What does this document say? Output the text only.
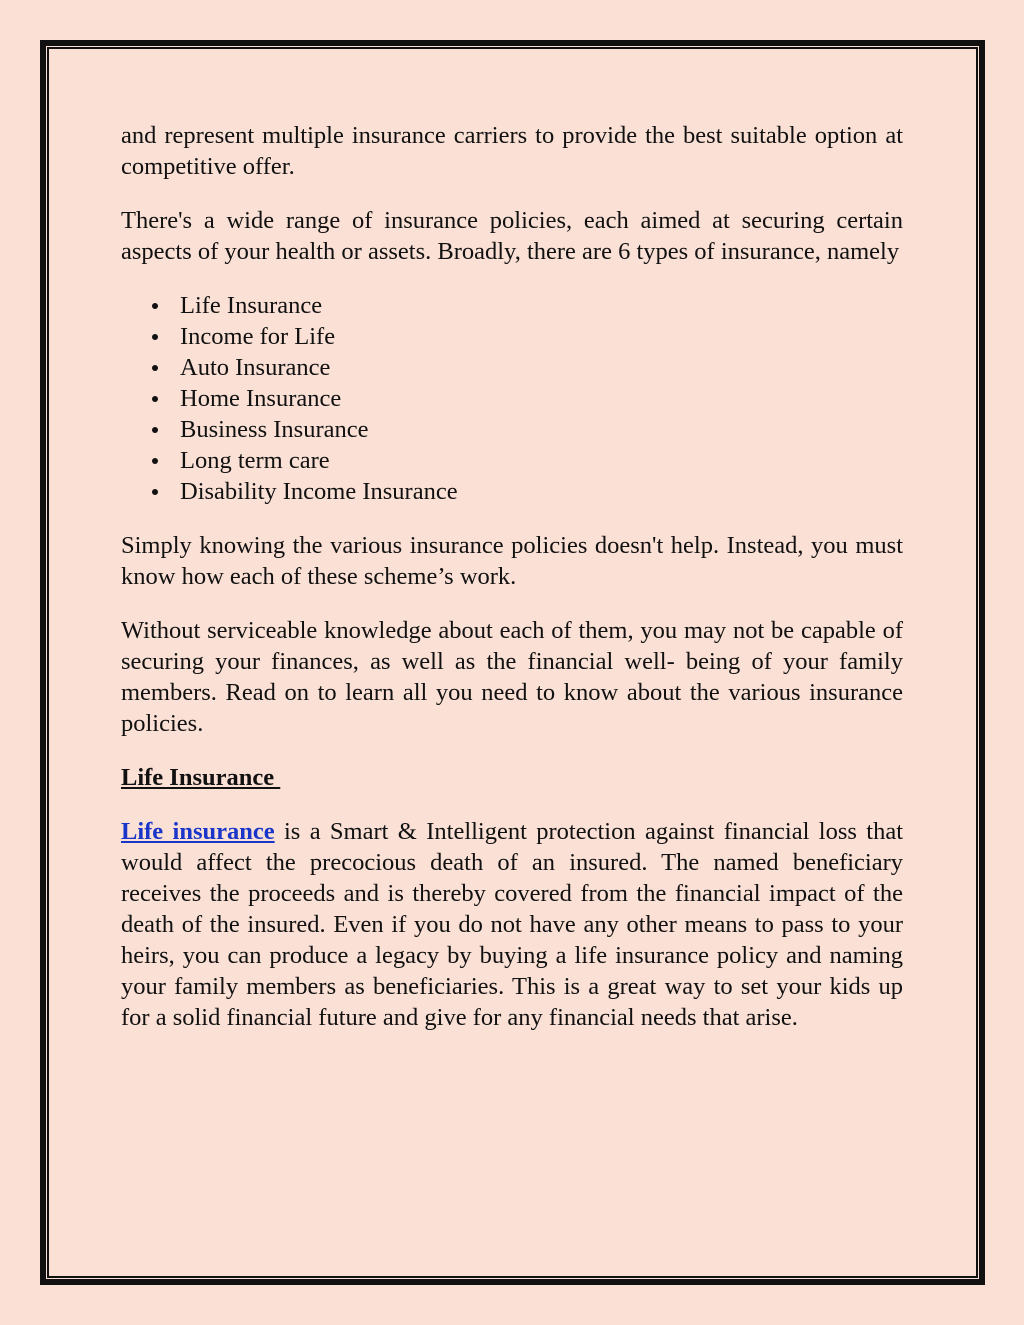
and represent multiple insurance carriers to provide the best suitable option at competitive offer.

There's a wide range of insurance policies, each aimed at securing certain aspects of your health or assets. Broadly, there are 6 types of insurance, namely

Life Insurance
Income for Life
Auto Insurance
Home Insurance
Business Insurance
Long term care
Disability Income Insurance

Simply knowing the various insurance policies doesn't help. Instead, you must know how each of these scheme’s work.

Without serviceable knowledge about each of them, you may not be capable of securing your finances, as well as the financial well- being of your family members. Read on to learn all you need to know about the various insurance policies.

Life Insurance

Life insurance is a Smart & Intelligent protection against financial loss that would affect the precocious death of an insured. The named beneficiary receives the proceeds and is thereby covered from the financial impact of the death of the insured. Even if you do not have any other means to pass to your heirs, you can produce a legacy by buying a life insurance policy and naming your family members as beneficiaries. This is a great way to set your kids up for a solid financial future and give for any financial needs that arise.
